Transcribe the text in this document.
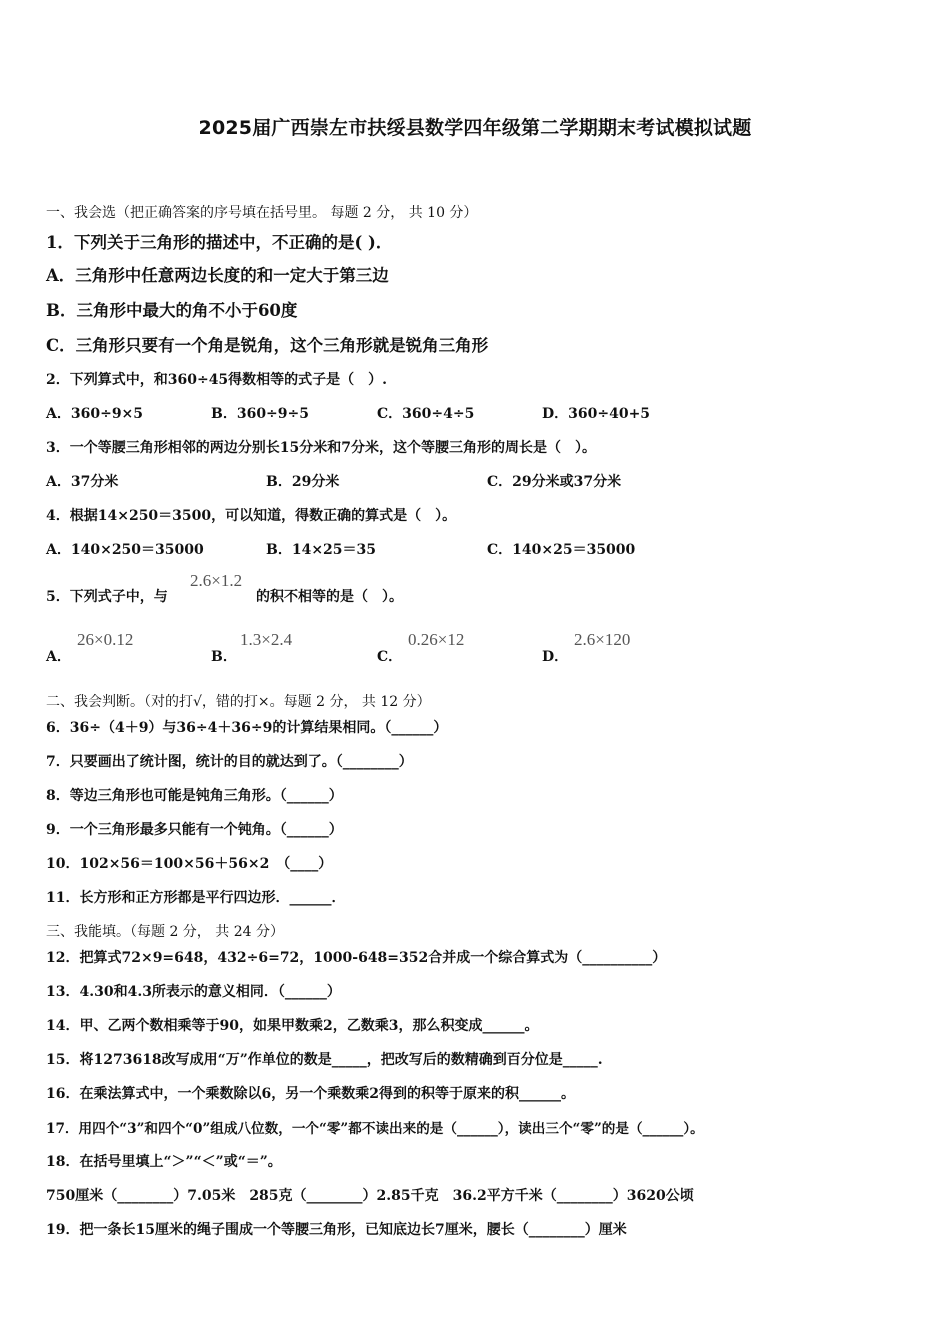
2025届广西崇左市扶绥县数学四年级第二学期期末考试模拟试题
一、我会选（把正确答案的序号填在括号里。 每题 2 分， 共 10 分）
1．下列关于三角形的描述中，不正确的是( )．
A．三角形中任意两边长度的和一定大于第三边
B．三角形中最大的角不小于60度
C．三角形只要有一个角是锐角，这个三角形就是锐角三角形
2．下列算式中，和360÷45得数相等的式子是（　）.
A．360÷9×5	B．360÷9÷5	C．360÷4÷5	D．360÷40+5
3．一个等腰三角形相邻的两边分别长15分米和7分米，这个等腰三角形的周长是（　）。
A．37分米	B．29分米	C．29分米或37分米
4．根据14×250＝3500，可以知道，得数正确的算式是（　）。
A．140×250＝35000	B．14×25＝35	C．140×25＝35000
5．下列式子中，与
2.6×1.2
的积不相等的是（　）。
A．
26×0.12
B．
1.3×2.4
C．
0.26×12
D．
2.6×120
二、我会判断。（对的打√，错的打×。每题 2 分， 共 12 分）
6．36÷（4＋9）与36÷4＋36÷9的计算结果相同。（______）
7．只要画出了统计图，统计的目的就达到了。（________）
8．等边三角形也可能是钝角三角形。（______）
9．一个三角形最多只能有一个钝角。（______）
10．102×56＝100×56＋56×2　（____）
11．长方形和正方形都是平行四边形．______．
三、我能填。（每题 2 分， 共 24 分）
12．把算式72×9=648，432÷6=72，1000-648=352合并成一个综合算式为（__________）
13．4.30和4.3所表示的意义相同．（______）
14．甲、乙两个数相乘等于90，如果甲数乘2，乙数乘3，那么积变成______。
15．将1273618改写成用“万”作单位的数是_____，把改写后的数精确到百分位是_____.
16．在乘法算式中，一个乘数除以6，另一个乘数乘2得到的积等于原来的积______。
17．用四个“3”和四个“0”组成八位数，一个“零”都不读出来的是（______），读出三个“零”的是（______）。
18．在括号里填上“＞”“＜”或“＝”。
750厘米（________）7.05米　285克（________）2.85千克　36.2平方千米（________）3620公顷
19．把一条长15厘米的绳子围成一个等腰三角形，已知底边长7厘米，腰长（________）厘米
